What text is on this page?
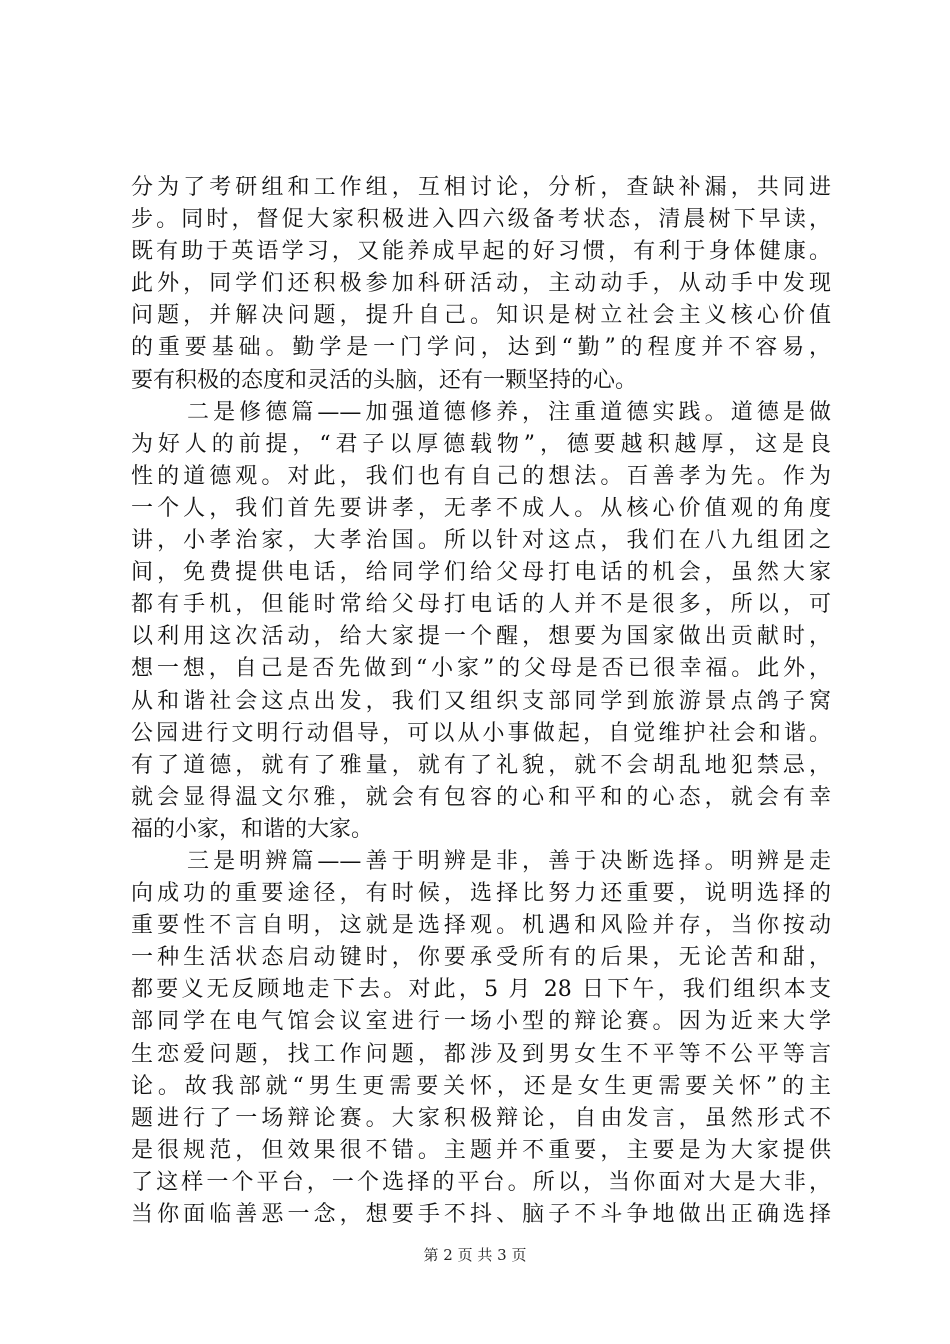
分为了考研组和工作组，互相讨论，分析，查缺补漏，共同进
步。同时，督促大家积极进入四六级备考状态，清晨树下早读，
既有助于英语学习，又能养成早起的好习惯，有利于身体健康。
此外，同学们还积极参加科研活动，主动动手，从动手中发现
问题，并解决问题，提升自己。知识是树立社会主义核心价值
的重要基础。勤学是一门学问，达到“勤”的程度并不容易，
要有积极的态度和灵活的头脑，还有一颗坚持的心。
二是修德篇——加强道德修养，注重道德实践。道德是做
为好人的前提，“君子以厚德载物”，德要越积越厚，这是良
性的道德观。对此，我们也有自己的想法。百善孝为先。作为
一个人，我们首先要讲孝，无孝不成人。从核心价值观的角度
讲，小孝治家，大孝治国。所以针对这点，我们在八九组团之
间，免费提供电话，给同学们给父母打电话的机会，虽然大家
都有手机，但能时常给父母打电话的人并不是很多，所以，可
以利用这次活动，给大家提一个醒，想要为国家做出贡献时，
想一想，自己是否先做到“小家”的父母是否已很幸福。此外，
从和谐社会这点出发，我们又组织支部同学到旅游景点鸽子窝
公园进行文明行动倡导，可以从小事做起，自觉维护社会和谐。
有了道德，就有了雅量，就有了礼貌，就不会胡乱地犯禁忌，
就会显得温文尔雅，就会有包容的心和平和的心态，就会有幸
福的小家，和谐的大家。
三是明辨篇——善于明辨是非，善于决断选择。明辨是走
向成功的重要途径，有时候，选择比努力还重要，说明选择的
重要性不言自明，这就是选择观。机遇和风险并存，当你按动
一种生活状态启动键时，你要承受所有的后果，无论苦和甜，
都要义无反顾地走下去。对此，5 月 28 日下午，我们组织本支
部同学在电气馆会议室进行一场小型的辩论赛。因为近来大学
生恋爱问题，找工作问题，都涉及到男女生不平等不公平等言
论。故我部就“男生更需要关怀，还是女生更需要关怀”的主
题进行了一场辩论赛。大家积极辩论，自由发言，虽然形式不
是很规范，但效果很不错。主题并不重要，主要是为大家提供
了这样一个平台，一个选择的平台。所以，当你面对大是大非，
当你面临善恶一念，想要手不抖、脑子不斗争地做出正确选择
第 2 页 共 3 页
